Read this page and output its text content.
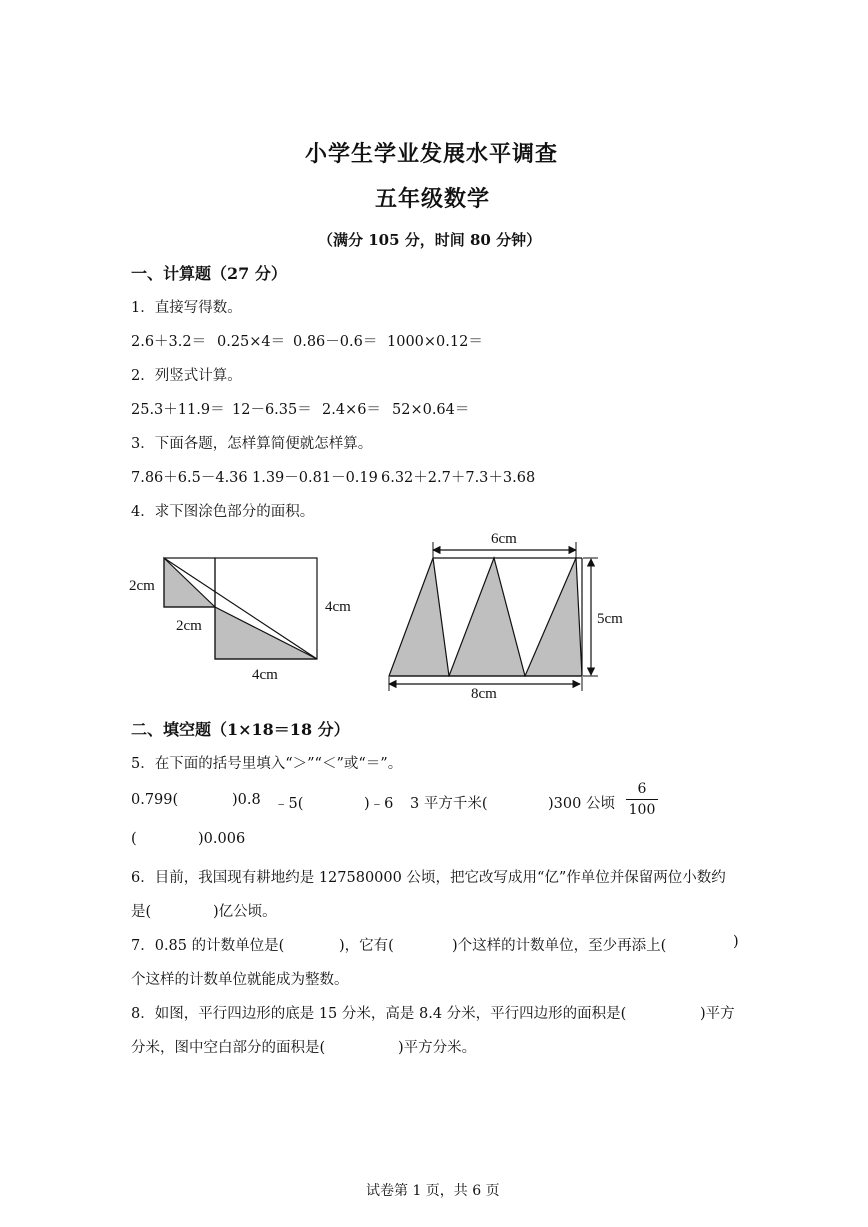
小学生学业发展水平调查
五年级数学
（满分 105 分，时间 80 分钟）
一、计算题（27 分）
1．直接写得数。
2.6＋3.2＝ 0.25×4＝ 0.86－0.6＝ 1000×0.12＝
2．列竖式计算。
25.3＋11.9＝ 12－6.35＝ 2.4×6＝ 52×0.64＝
3．下面各题，怎样算简便就怎样算。
7.86＋6.5－4.36 1.39－0.81－0.19 6.32＋2.7＋7.3＋3.68
4．求下图涂色部分的面积。
2cm
2cm
4cm
4cm
6cm
5cm
8cm
二、填空题（1×18＝18 分）
5．在下面的括号里填入“＞”“＜”或“＝”。
0.799(	)0.8 ﹣5(	)﹣6 3 平方千米(	)300 公顷
6
100
(	)0.006
6．目前，我国现有耕地约是 127580000 公顷，把它改写成用“亿”作单位并保留两位小数约
是(	)亿公顷。
7．0.85 的计数单位是(	)，它有(	)个这样的计数单位，至少再添上(	)
个这样的计数单位就能成为整数。
8．如图，平行四边形的底是 15 分米，高是 8.4 分米，平行四边形的面积是(	)平方
分米，图中空白部分的面积是(	)平方分米。
试卷第 1 页，共 6 页
